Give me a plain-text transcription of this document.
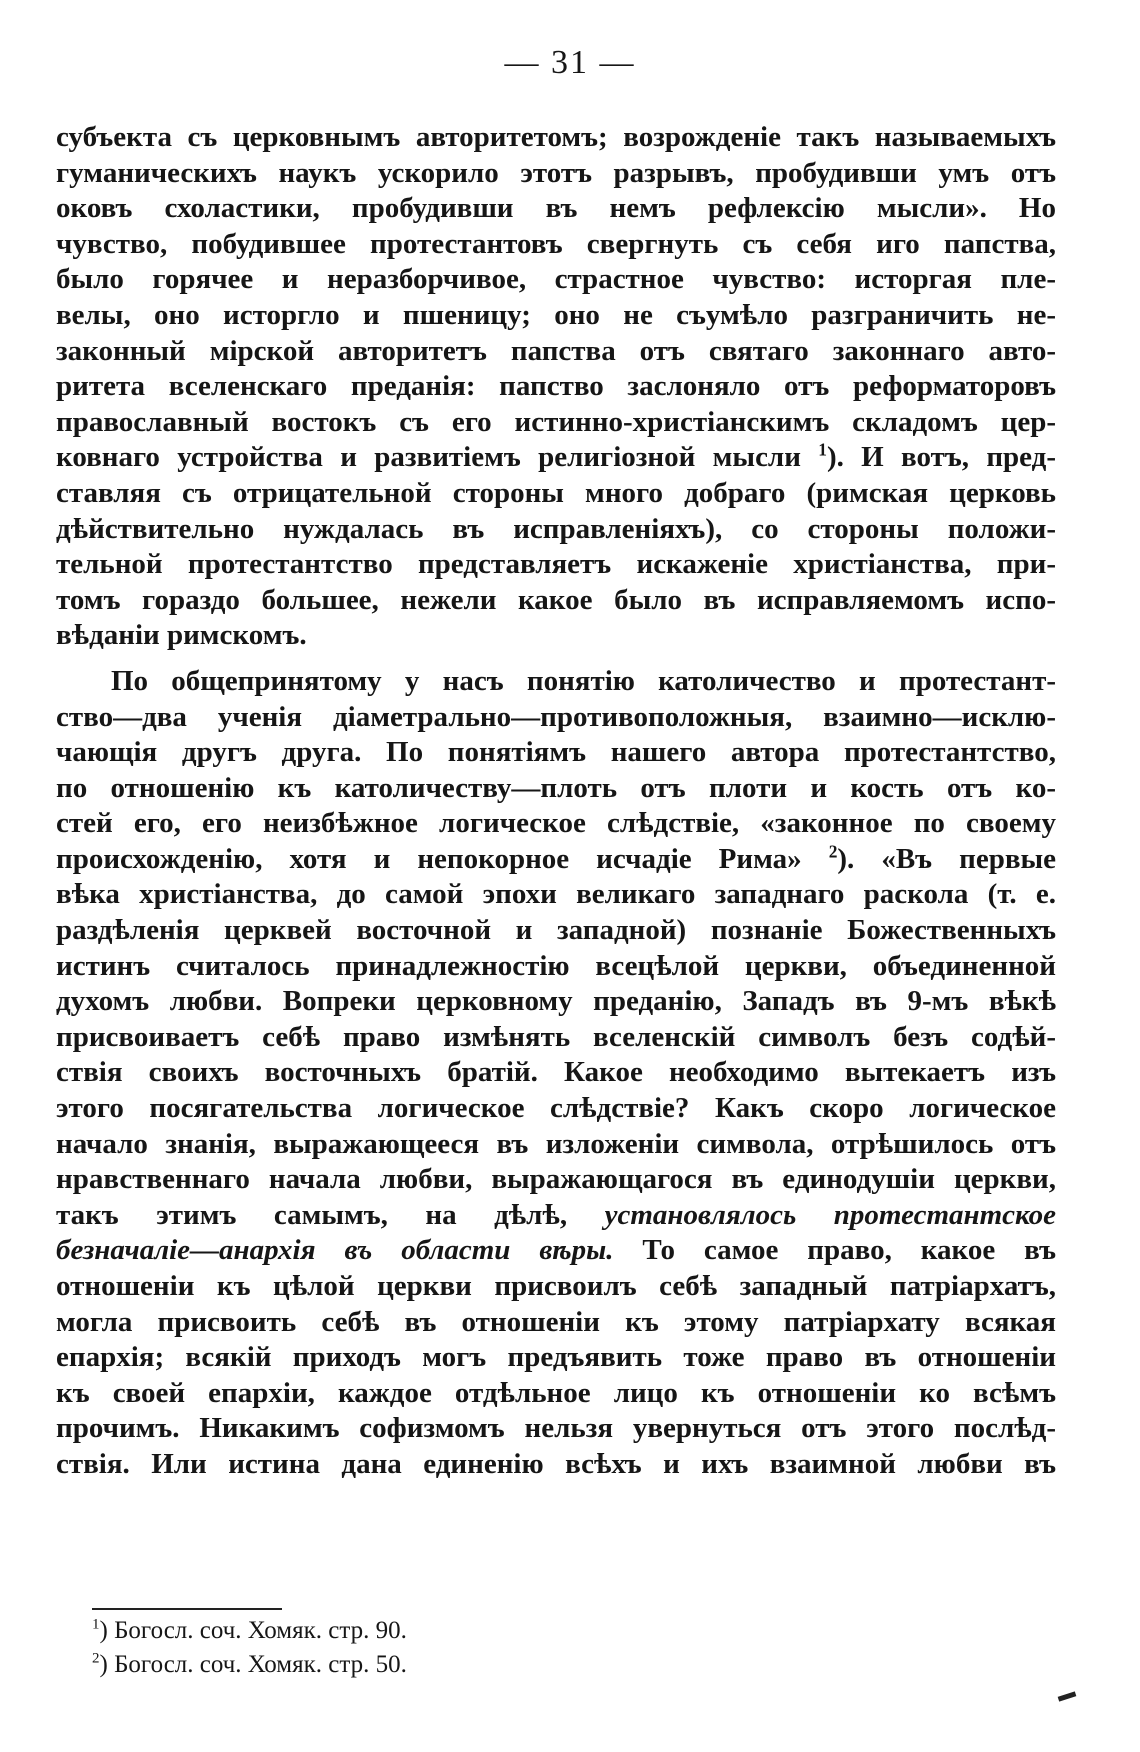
— 31 —
субъекта съ церковнымъ авторитетомъ; возрожденіе такъ называемыхъ
гуманическихъ наукъ ускорило этотъ разрывъ, пробудивши умъ отъ
оковъ схоластики, пробудивши въ немъ рефлексію мысли». Но
чувство, побудившее протестантовъ свергнуть съ себя иго папства,
было горячее и неразборчивое, страстное чувство: исторгая пле-
велы, оно исторгло и пшеницу; оно не съумѣло разграничить не-
законный мірской авторитетъ папства отъ святаго законнаго авто-
ритета вселенскаго преданія: папство заслоняло отъ реформаторовъ
православный востокъ съ его истинно-христіанскимъ складомъ цер-
ковнаго устройства и развитіемъ религіозной мысли $^1$). И вотъ, пред-
ставляя съ отрицательной стороны много добраго (римская церковь
дѣйствительно нуждалась въ исправленіяхъ), со стороны положи-
тельной протестантство представляетъ искаженіе христіанства, при-
томъ гораздо большее, нежели какое было въ исправляемомъ испо-
вѣданіи римскомъ.
По общепринятому у насъ понятію католичество и протестант-
ство—два ученія діаметрально—противоположныя, взаимно—исклю-
чающія другъ друга. По понятіямъ нашего автора протестантство,
по отношенію къ католичеству—плоть отъ плоти и кость отъ ко-
стей его, его неизбѣжное логическое слѣдствіе, «законное по своему
происхожденію, хотя и непокорное исчадіе Рима» $^2$). «Въ первые
вѣка христіанства, до самой эпохи великаго западнаго раскола (т. е.
раздѣленія церквей восточной и западной) познаніе Божественныхъ
истинъ считалось принадлежностію всецѣлой церкви, объединенной
духомъ любви. Вопреки церковному преданію, Западъ въ 9-мъ вѣкѣ
присвоиваетъ себѣ право измѣнять вселенскій символъ безъ содѣй-
ствія своихъ восточныхъ братій. Какое необходимо вытекаетъ изъ
этого посягательства логическое слѣдствіе? Какъ скоро логическое
начало знанія, выражающееся въ изложеніи символа, отрѣшилось отъ
нравственнаго начала любви, выражающагося въ единодушіи церкви,
такъ этимъ самымъ, на дѣлѣ, установлялось протестантское
безначаліе—анархія въ области вѣры. То самое право, какое въ
отношеніи къ цѣлой церкви присвоилъ себѣ западный патріархатъ,
могла присвоить себѣ въ отношеніи къ этому патріархату всякая
епархія; всякій приходъ могъ предъявить тоже право въ отношеніи
къ своей епархіи, каждое отдѣльное лицо къ отношеніи ко всѣмъ
прочимъ. Никакимъ софизмомъ нельзя увернуться отъ этого послѣд-
ствія. Или истина дана единенію всѣхъ и ихъ взаимной любви въ
$^1$) Богосл. соч. Хомяк. стр. 90.
$^2$) Богосл. соч. Хомяк. стр. 50.
